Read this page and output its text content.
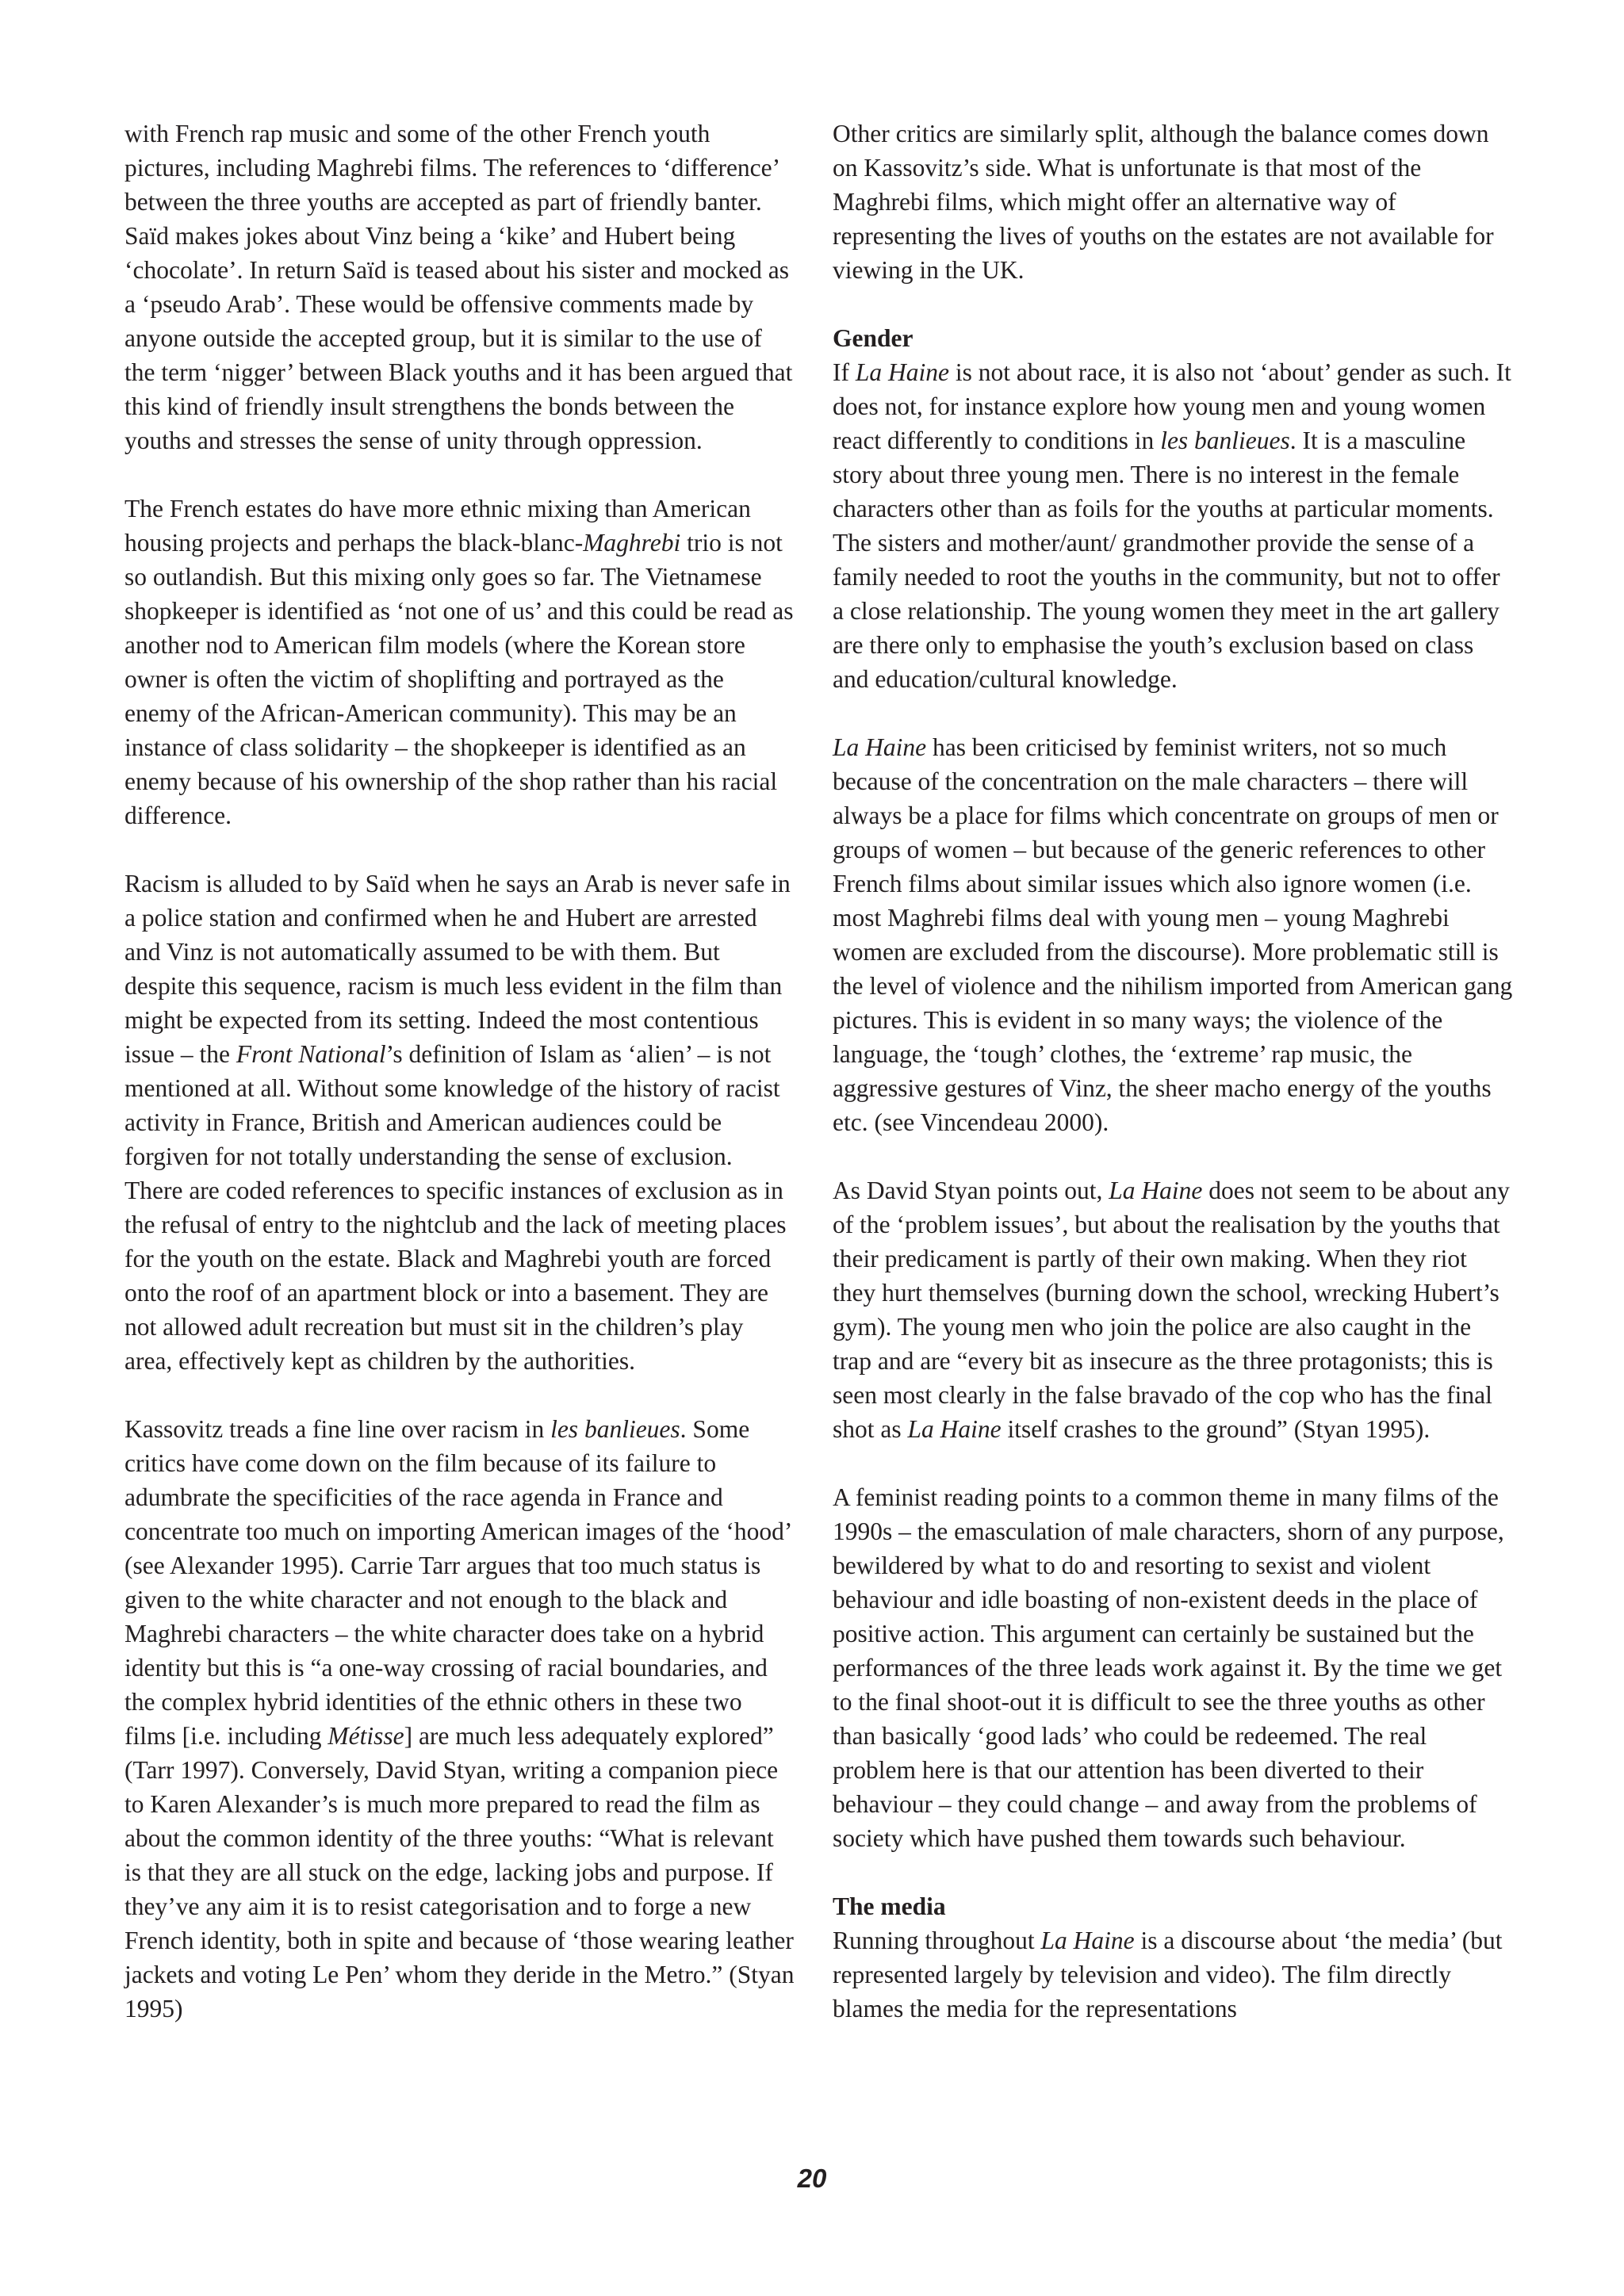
with French rap music and some of the other French youth pictures, including Maghrebi films. The references to ‘difference’ between the three youths are accepted as part of friendly banter. Saïd makes jokes about Vinz being a ‘kike’ and Hubert being ‘chocolate’. In return Saïd is teased about his sister and mocked as a ‘pseudo Arab’. These would be offensive comments made by anyone outside the accepted group, but it is similar to the use of the term ‘nigger’ between Black youths and it has been argued that this kind of friendly insult strengthens the bonds between the youths and stresses the sense of unity through oppression.

The French estates do have more ethnic mixing than American housing projects and perhaps the black-blanc-Maghrebi trio is not so outlandish. But this mixing only goes so far. The Vietnamese shopkeeper is identified as ‘not one of us’ and this could be read as another nod to American film models (where the Korean store owner is often the victim of shoplifting and portrayed as the enemy of the African-American community). This may be an instance of class solidarity – the shopkeeper is identified as an enemy because of his ownership of the shop rather than his racial difference.

Racism is alluded to by Saïd when he says an Arab is never safe in a police station and confirmed when he and Hubert are arrested and Vinz is not automatically assumed to be with them. But despite this sequence, racism is much less evident in the film than might be expected from its setting. Indeed the most contentious issue – the Front National’s definition of Islam as ‘alien’ – is not mentioned at all. Without some knowledge of the history of racist activity in France, British and American audiences could be forgiven for not totally understanding the sense of exclusion. There are coded references to specific instances of exclusion as in the refusal of entry to the nightclub and the lack of meeting places for the youth on the estate. Black and Maghrebi youth are forced onto the roof of an apartment block or into a basement. They are not allowed adult recreation but must sit in the children’s play area, effectively kept as children by the authorities.

Kassovitz treads a fine line over racism in les banlieues. Some critics have come down on the film because of its failure to adumbrate the specificities of the race agenda in France and concentrate too much on importing American images of the ‘hood’ (see Alexander 1995). Carrie Tarr argues that too much status is given to the white character and not enough to the black and Maghrebi characters – the white character does take on a hybrid identity but this is “a one-way crossing of racial boundaries, and the complex hybrid identities of the ethnic others in these two films [i.e. including Métisse] are much less adequately explored” (Tarr 1997). Conversely, David Styan, writing a companion piece to Karen Alexander’s is much more prepared to read the film as about the common identity of the three youths: “What is relevant is that they are all stuck on the edge, lacking jobs and purpose. If they’ve any aim it is to resist categorisation and to forge a new French identity, both in spite and because of ‘those wearing leather jackets and voting Le Pen’ whom they deride in the Metro.” (Styan 1995)

Other critics are similarly split, although the balance comes down on Kassovitz’s side. What is unfortunate is that most of the Maghrebi films, which might offer an alternative way of representing the lives of youths on the estates are not available for viewing in the UK.

Gender

If La Haine is not about race, it is also not ‘about’ gender as such. It does not, for instance explore how young men and young women react differently to conditions in les banlieues. It is a masculine story about three young men. There is no interest in the female characters other than as foils for the youths at particular moments. The sisters and mother/aunt/ grandmother provide the sense of a family needed to root the youths in the community, but not to offer a close relationship. The young women they meet in the art gallery are there only to emphasise the youth’s exclusion based on class and education/cultural knowledge.

La Haine has been criticised by feminist writers, not so much because of the concentration on the male characters – there will always be a place for films which concentrate on groups of men or groups of women – but because of the generic references to other French films about similar issues which also ignore women (i.e. most Maghrebi films deal with young men – young Maghrebi women are excluded from the discourse). More problematic still is the level of violence and the nihilism imported from American gang pictures. This is evident in so many ways; the violence of the language, the ‘tough’ clothes, the ‘extreme’ rap music, the aggressive gestures of Vinz, the sheer macho energy of the youths etc. (see Vincendeau 2000).

As David Styan points out, La Haine does not seem to be about any of the ‘problem issues’, but about the realisation by the youths that their predicament is partly of their own making. When they riot they hurt themselves (burning down the school, wrecking Hubert’s gym). The young men who join the police are also caught in the trap and are “every bit as insecure as the three protagonists; this is seen most clearly in the false bravado of the cop who has the final shot as La Haine itself crashes to the ground” (Styan 1995).

A feminist reading points to a common theme in many films of the 1990s – the emasculation of male characters, shorn of any purpose, bewildered by what to do and resorting to sexist and violent behaviour and idle boasting of non-existent deeds in the place of positive action. This argument can certainly be sustained but the performances of the three leads work against it. By the time we get to the final shoot-out it is difficult to see the three youths as other than basically ‘good lads’ who could be redeemed. The real problem here is that our attention has been diverted to their behaviour – they could change – and away from the problems of society which have pushed them towards such behaviour.

The media

Running throughout La Haine is a discourse about ‘the media’ (but represented largely by television and video). The film directly blames the media for the representations

20
